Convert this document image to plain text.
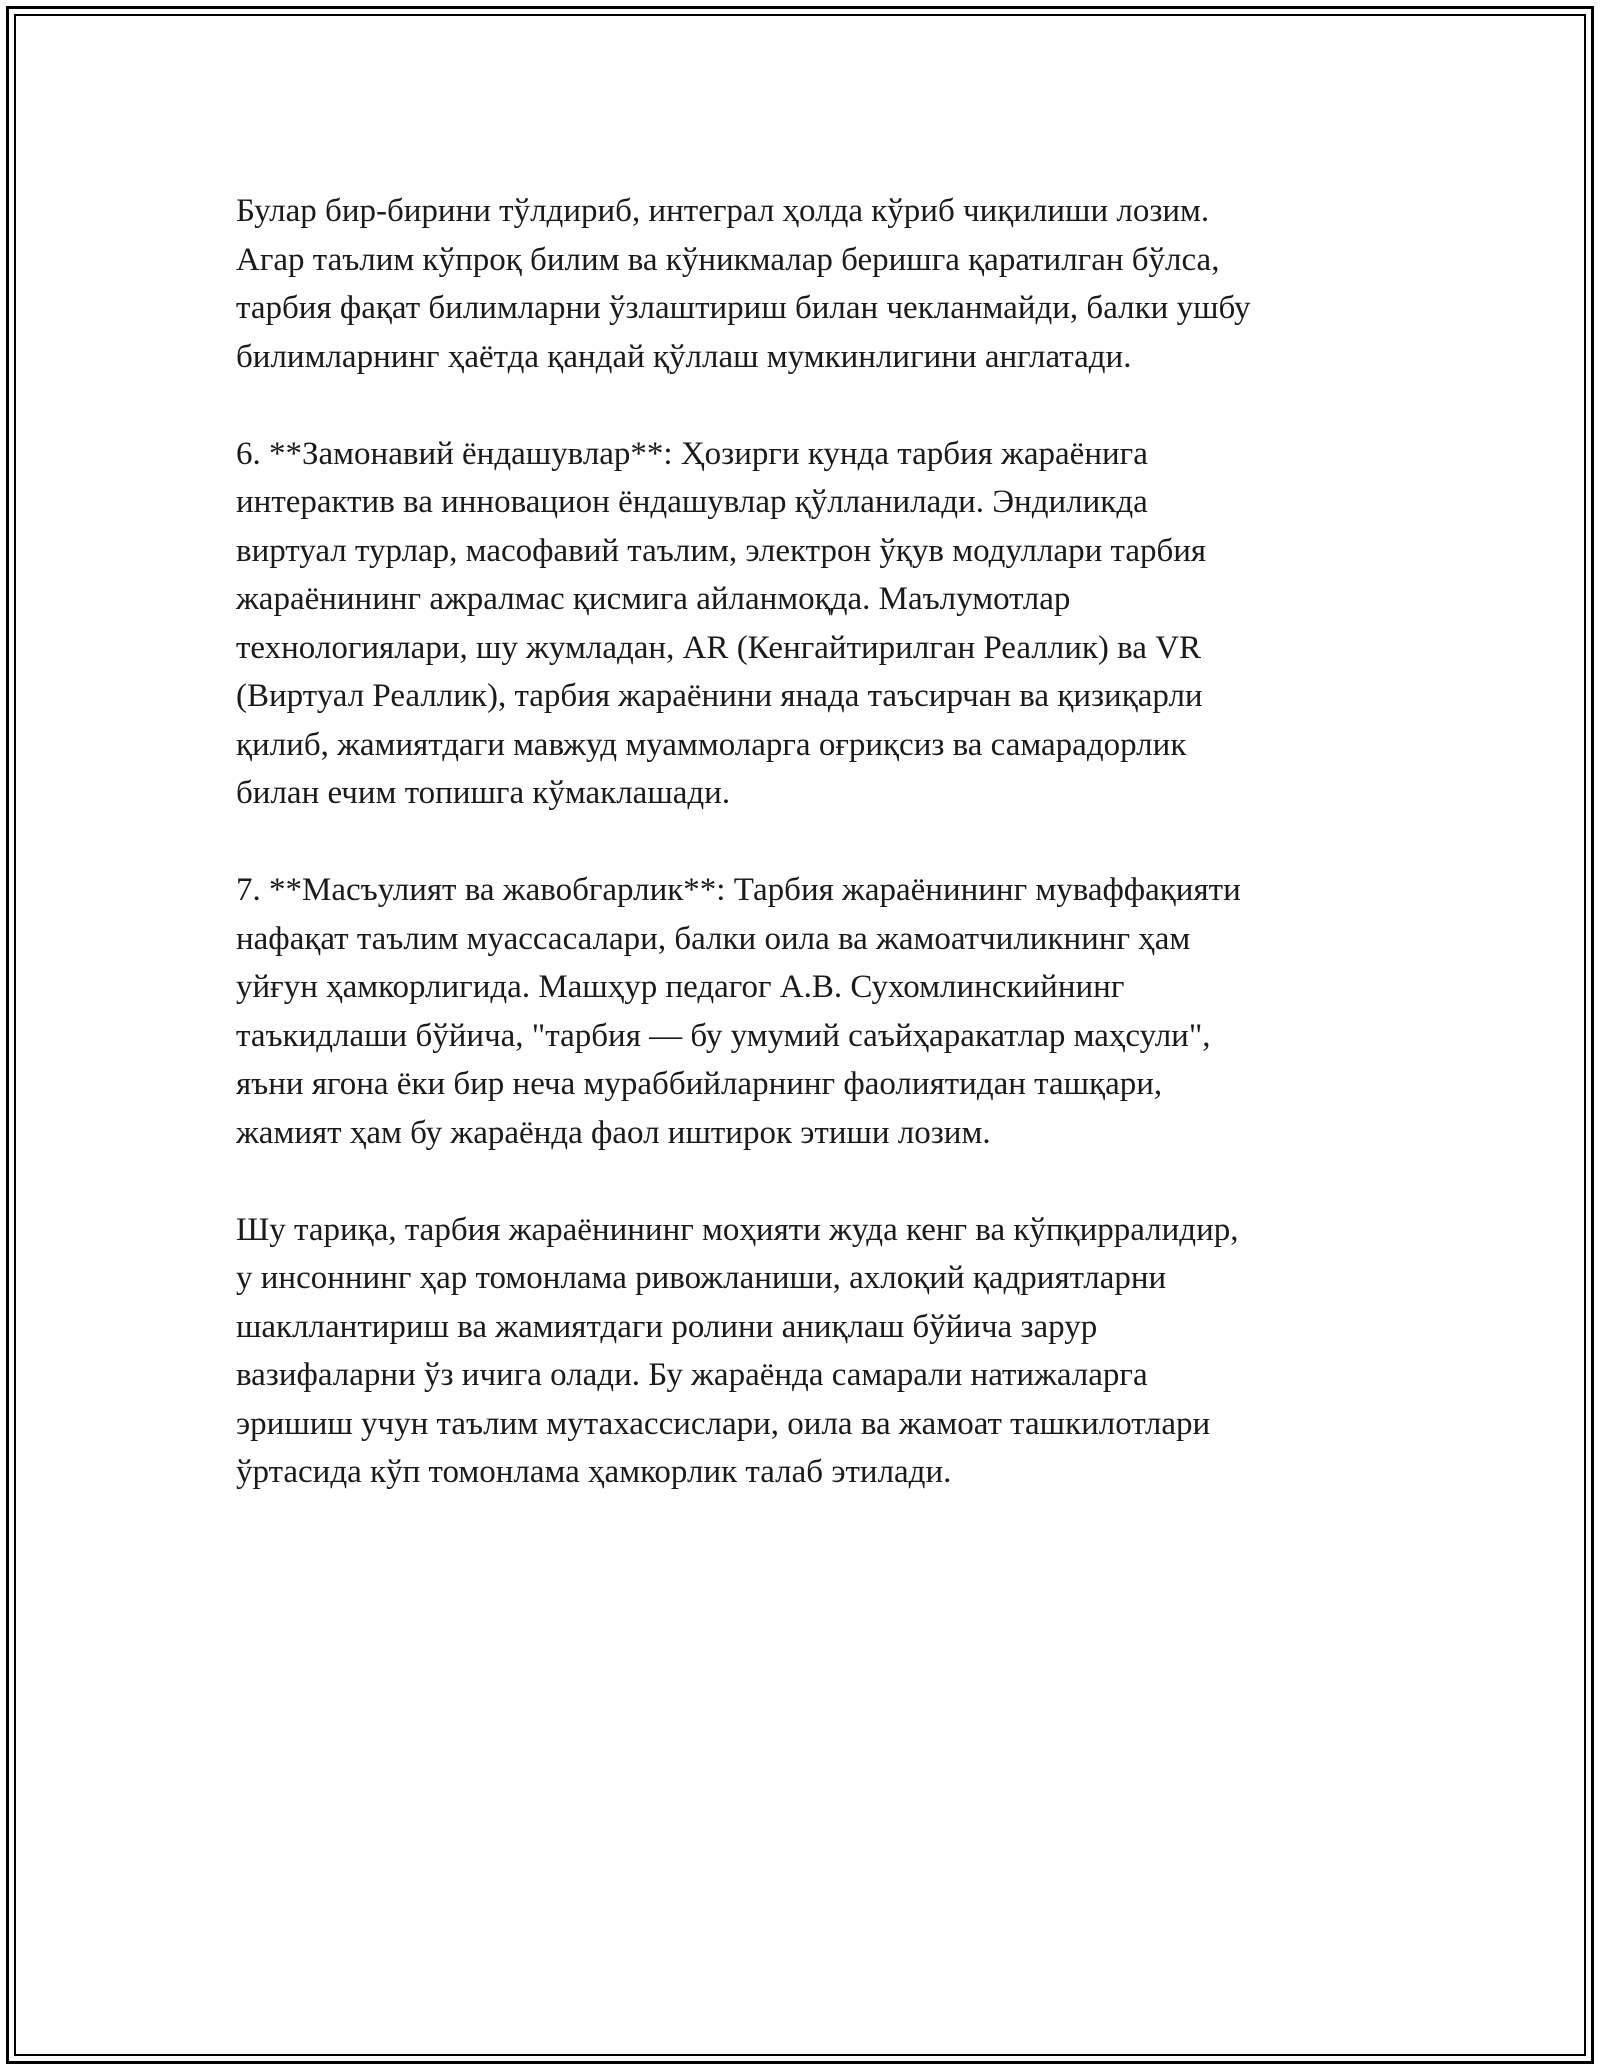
Булар бир-бирини тўлдириб, интеграл ҳолда кўриб чиқилиши лозим.
Агар таълим кўпроқ билим ва кўникмалар беришга қаратилган бўлса,
тарбия фақат билимларни ўзлаштириш билан чекланмайди, балки ушбу
билимларнинг ҳаётда қандай қўллаш мумкинлигини англатади.

6. **Замонавий ёндашувлар**: Ҳозирги кунда тарбия жараёнига
интерактив ва инновацион ёндашувлар қўлланилади. Эндиликда
виртуал турлар, масофавий таълим, электрон ўқув модуллари тарбия
жараёнининг ажралмас қисмига айланмоқда. Маълумотлар
технологиялари, шу жумладан, AR (Кенгайтирилган Реаллик) ва VR
(Виртуал Реаллик), тарбия жараёнини янада таъсирчан ва қизиқарли
қилиб, жамиятдаги мавжуд муаммоларга оғриқсиз ва самарадорлик
билан ечим топишга кўмаклашади.

7. **Масъулият ва жавобгарлик**: Тарбия жараёнининг муваффақияти
нафақат таълим муассасалари, балки оила ва жамоатчиликнинг ҳам
уйғун ҳамкорлигида. Машҳур педагог А.В. Сухомлинскийнинг
таъкидлаши бўйича, "тарбия — бу умумий саъйҳаракатлар маҳсули",
яъни ягона ёки бир неча мураббийларнинг фаолиятидан ташқари,
жамият ҳам бу жараёнда фаол иштирок этиши лозим.

Шу тариқа, тарбия жараёнининг моҳияти жуда кенг ва кўпқирралидир,
у инсоннинг ҳар томонлама ривожланиши, ахлоқий қадриятларни
шакллантириш ва жамиятдаги ролини аниқлаш бўйича зарур
вазифаларни ўз ичига олади. Бу жараёнда самарали натижаларга
эришиш учун таълим мутахассислари, оила ва жамоат ташкилотлари
ўртасида кўп томонлама ҳамкорлик талаб этилади.
